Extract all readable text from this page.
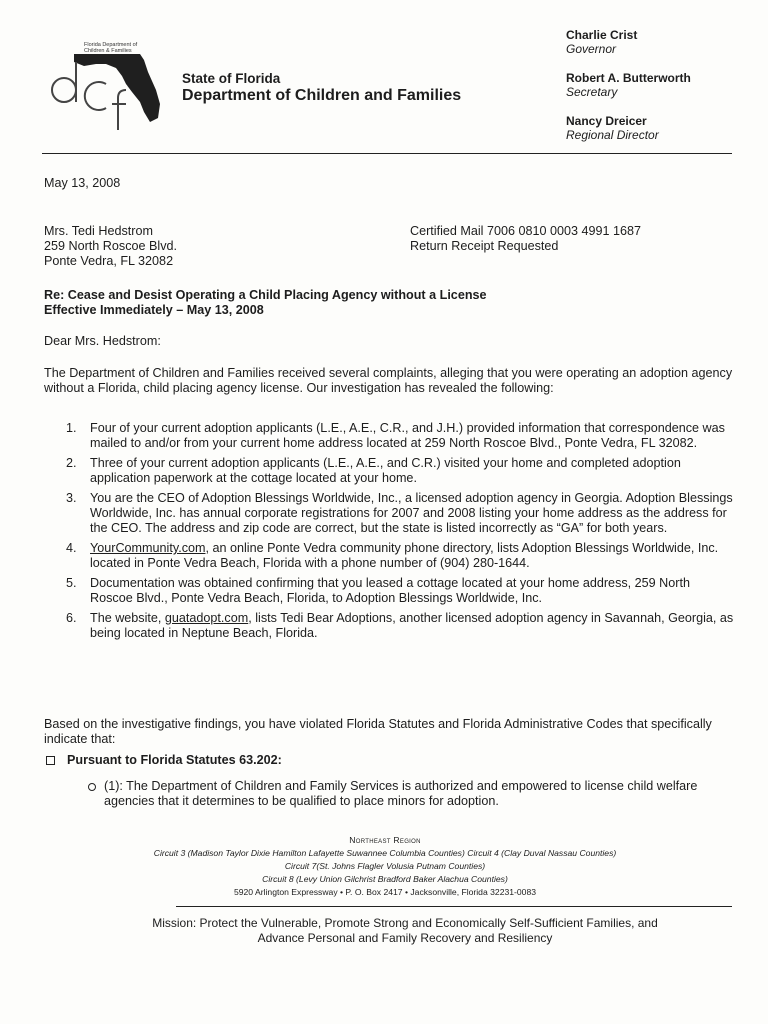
Florida Department of
Children & Families
State of Florida
Department of Children and Families
Charlie Crist
Governor
Robert A. Butterworth
Secretary
Nancy Dreicer
Regional Director
May 13, 2008
Mrs. Tedi Hedstrom
259 North Roscoe Blvd.
Ponte Vedra, FL 32082
Certified Mail 7006 0810 0003 4991 1687
Return Receipt Requested
Re: Cease and Desist Operating a Child Placing Agency without a License
Effective Immediately – May 13, 2008
Dear Mrs. Hedstrom:
The Department of Children and Families received several complaints, alleging that you were operating an adoption agency without a Florida, child placing agency license. Our investigation has revealed the following:
1.	Four of your current adoption applicants (L.E., A.E., C.R., and J.H.) provided information that correspondence was mailed to and/or from your current home address located at 259 North Roscoe Blvd., Ponte Vedra, FL 32082.
2.	Three of your current adoption applicants (L.E., A.E., and C.R.) visited your home and completed adoption application paperwork at the cottage located at your home.
3.	You are the CEO of Adoption Blessings Worldwide, Inc., a licensed adoption agency in Georgia. Adoption Blessings Worldwide, Inc. has annual corporate registrations for 2007 and 2008 listing your home address as the address for the CEO. The address and zip code are correct, but the state is listed incorrectly as “GA” for both years.
4.	YourCommunity.com, an online Ponte Vedra community phone directory, lists Adoption Blessings Worldwide, Inc. located in Ponte Vedra Beach, Florida with a phone number of (904) 280-1644.
5.	Documentation was obtained confirming that you leased a cottage located at your home address, 259 North Roscoe Blvd., Ponte Vedra Beach, Florida, to Adoption Blessings Worldwide, Inc.
6.	The website, guatadopt.com, lists Tedi Bear Adoptions, another licensed adoption agency in Savannah, Georgia, as being located in Neptune Beach, Florida.
Based on the investigative findings, you have violated Florida Statutes and Florida Administrative Codes that specifically indicate that:
Pursuant to Florida Statutes 63.202:
(1): The Department of Children and Family Services is authorized and empowered to license child welfare agencies that it determines to be qualified to place minors for adoption.
Northeast Region
Circuit 3 (Madison Taylor Dixie Hamilton Lafayette Suwannee Columbia Counties) Circuit 4 (Clay Duval Nassau Counties)
Circuit 7(St. Johns Flagler Volusia Putnam Counties)
Circuit 8 (Levy Union Gilchrist Bradford Baker Alachua Counties)
5920 Arlington Expressway • P. O. Box 2417 • Jacksonville, Florida 32231-0083
Mission: Protect the Vulnerable, Promote Strong and Economically Self-Sufficient Families, and
Advance Personal and Family Recovery and Resiliency
